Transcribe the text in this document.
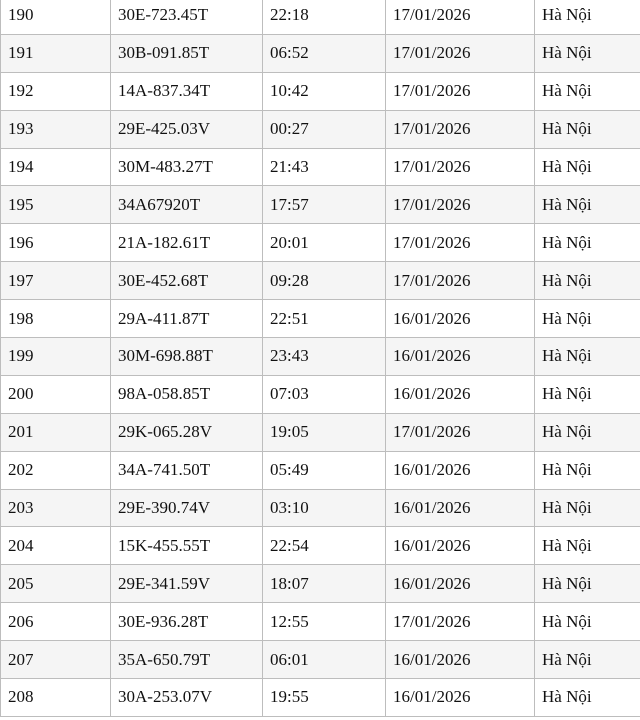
190	30E-723.45T	22:18	17/01/2026	Hà Nội
191	30B-091.85T	06:52	17/01/2026	Hà Nội
192	14A-837.34T	10:42	17/01/2026	Hà Nội
193	29E-425.03V	00:27	17/01/2026	Hà Nội
194	30M-483.27T	21:43	17/01/2026	Hà Nội
195	34A67920T	17:57	17/01/2026	Hà Nội
196	21A-182.61T	20:01	17/01/2026	Hà Nội
197	30E-452.68T	09:28	17/01/2026	Hà Nội
198	29A-411.87T	22:51	16/01/2026	Hà Nội
199	30M-698.88T	23:43	16/01/2026	Hà Nội
200	98A-058.85T	07:03	16/01/2026	Hà Nội
201	29K-065.28V	19:05	17/01/2026	Hà Nội
202	34A-741.50T	05:49	16/01/2026	Hà Nội
203	29E-390.74V	03:10	16/01/2026	Hà Nội
204	15K-455.55T	22:54	16/01/2026	Hà Nội
205	29E-341.59V	18:07	16/01/2026	Hà Nội
206	30E-936.28T	12:55	17/01/2026	Hà Nội
207	35A-650.79T	06:01	16/01/2026	Hà Nội
208	30A-253.07V	19:55	16/01/2026	Hà Nội
